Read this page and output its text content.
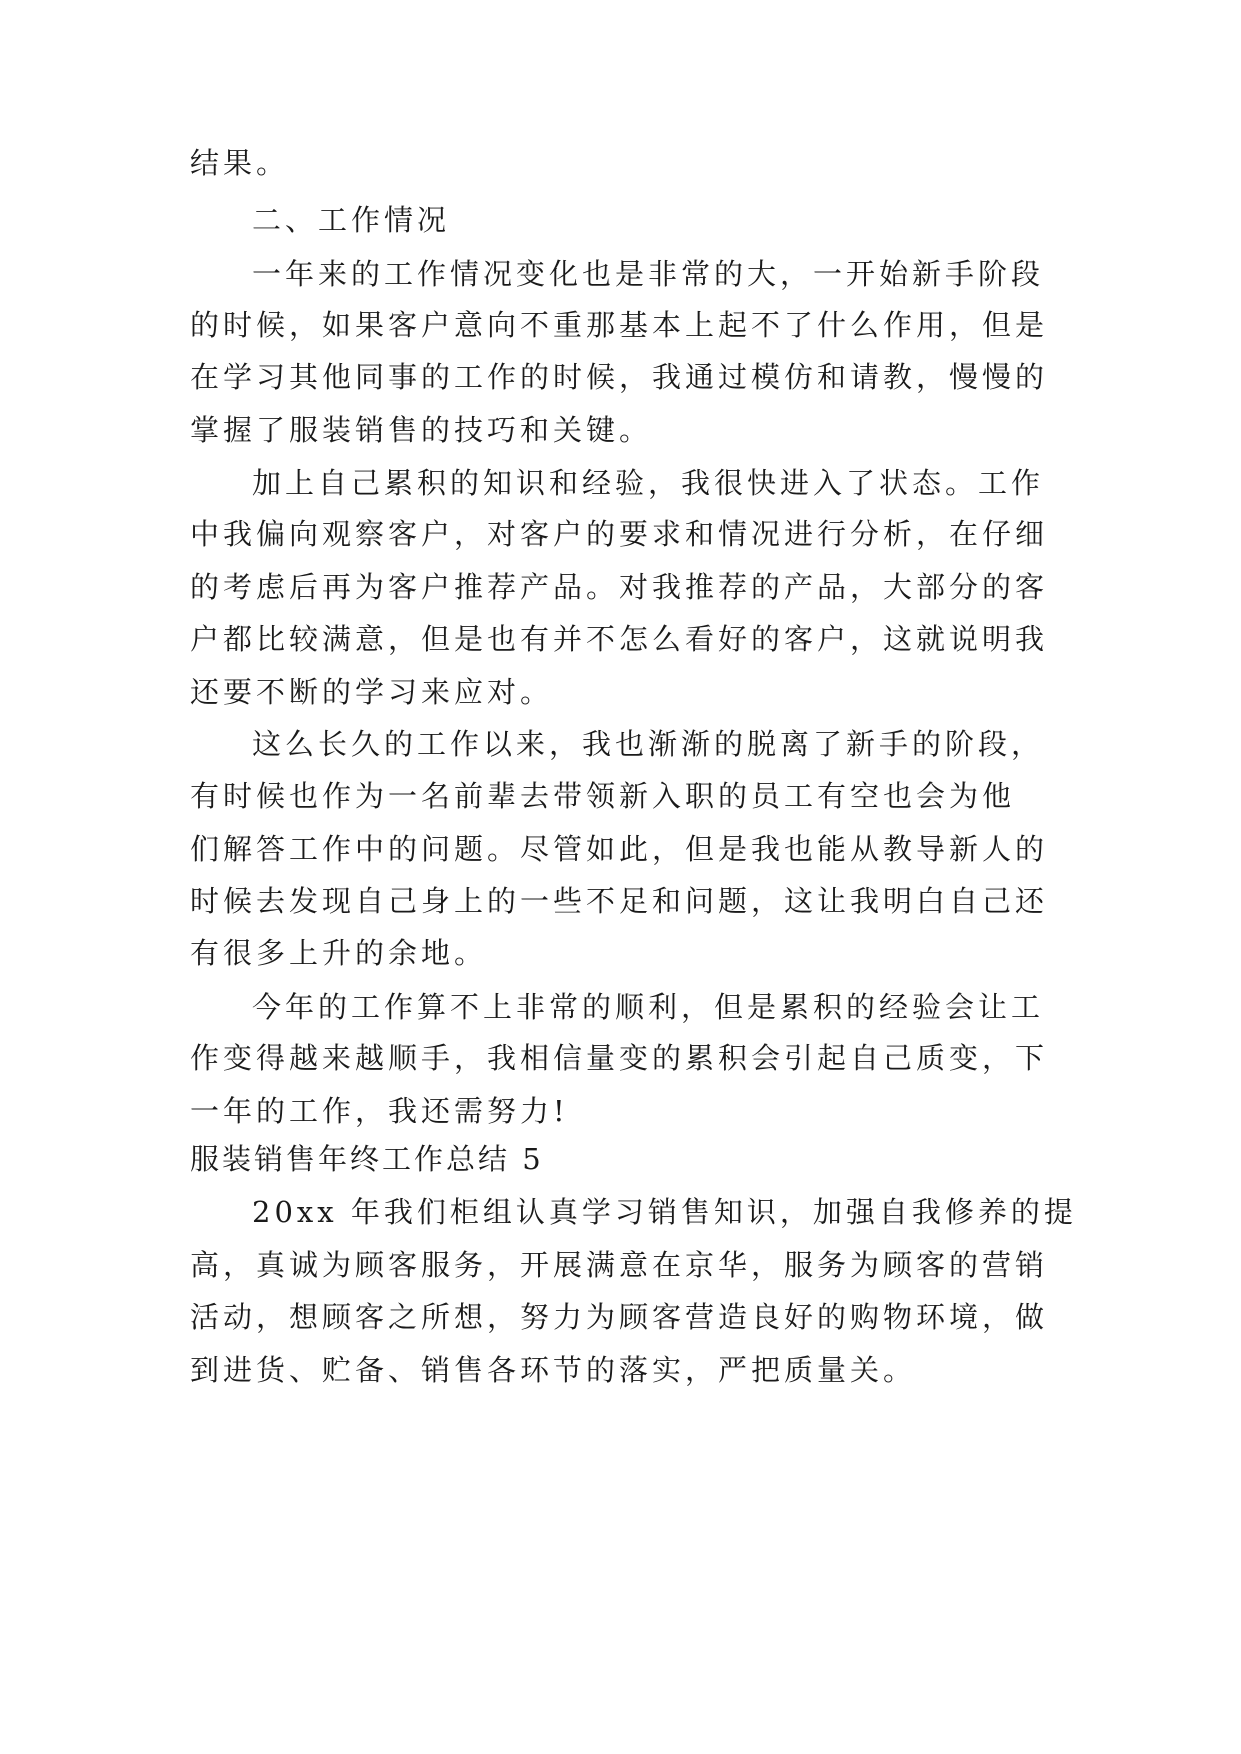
结果。
二、工作情况
一年来的工作情况变化也是非常的大，一开始新手阶段
的时候，如果客户意向不重那基本上起不了什么作用，但是
在学习其他同事的工作的时候，我通过模仿和请教，慢慢的
掌握了服装销售的技巧和关键。
加上自己累积的知识和经验，我很快进入了状态。工作
中我偏向观察客户，对客户的要求和情况进行分析，在仔细
的考虑后再为客户推荐产品。对我推荐的产品，大部分的客
户都比较满意，但是也有并不怎么看好的客户，这就说明我
还要不断的学习来应对。
这么长久的工作以来，我也渐渐的脱离了新手的阶段，
有时候也作为一名前辈去带领新入职的员工有空也会为他
们解答工作中的问题。尽管如此，但是我也能从教导新人的
时候去发现自己身上的一些不足和问题，这让我明白自己还
有很多上升的余地。
今年的工作算不上非常的顺利，但是累积的经验会让工
作变得越来越顺手，我相信量变的累积会引起自己质变，下
一年的工作，我还需努力!
服装销售年终工作总结 5
20xx 年我们柜组认真学习销售知识，加强自我修养的提
高，真诚为顾客服务，开展满意在京华，服务为顾客的营销
活动，想顾客之所想，努力为顾客营造良好的购物环境，做
到进货、贮备、销售各环节的落实，严把质量关。
